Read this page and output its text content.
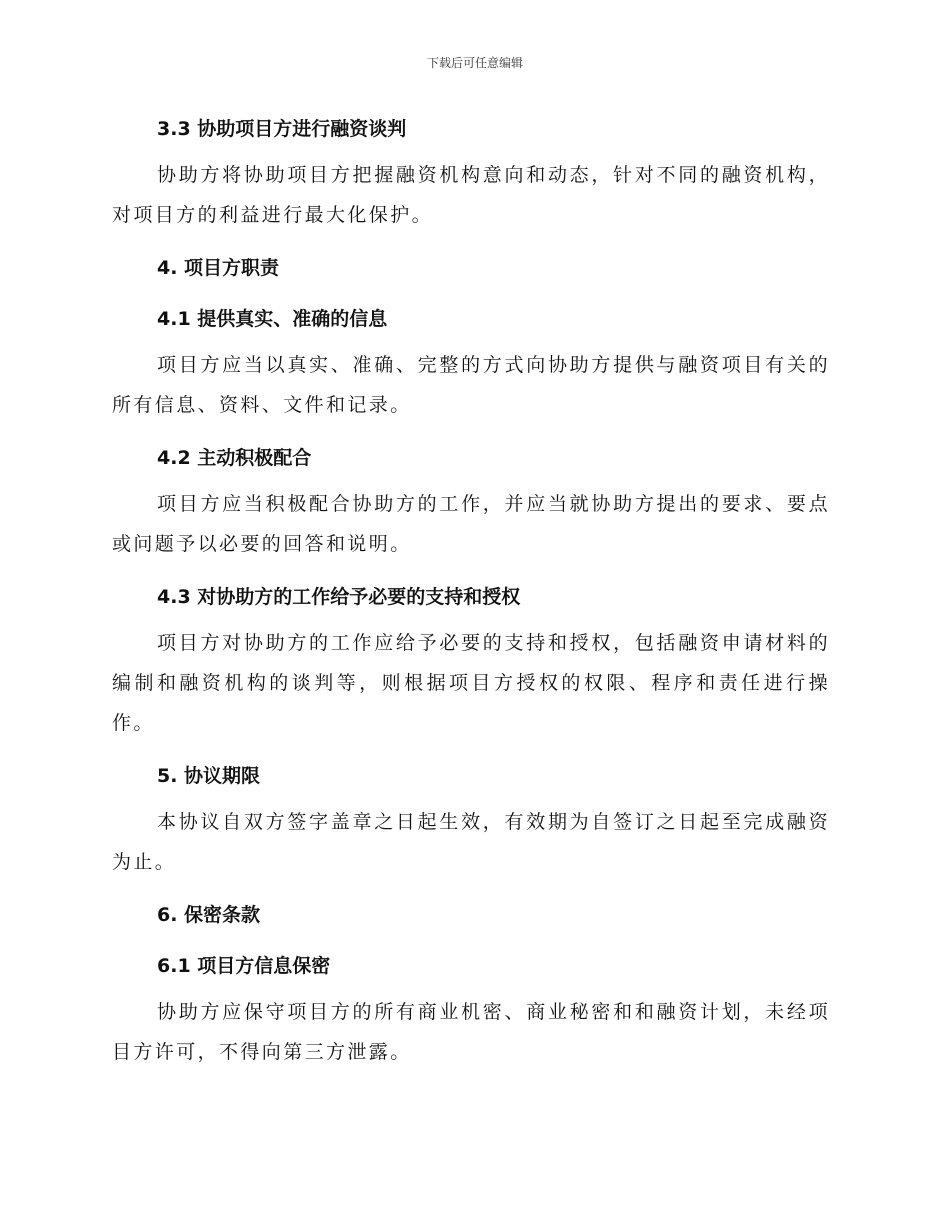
下载后可任意编辑
3.3 协助项目方进行融资谈判

协助方将协助项目方把握融资机构意向和动态，针对不同的融资机构，对项目方的利益进行最大化保护。

4. 项目方职责
4.1 提供真实、准确的信息

项目方应当以真实、准确、完整的方式向协助方提供与融资项目有关的所有信息、资料、文件和记录。

4.2 主动积极配合

项目方应当积极配合协助方的工作，并应当就协助方提出的要求、要点或问题予以必要的回答和说明。

4.3 对协助方的工作给予必要的支持和授权

项目方对协助方的工作应给予必要的支持和授权，包括融资申请材料的编制和融资机构的谈判等，则根据项目方授权的权限、程序和责任进行操作。

5. 协议期限

本协议自双方签字盖章之日起生效，有效期为自签订之日起至完成融资为止。

6. 保密条款
6.1 项目方信息保密

协助方应保守项目方的所有商业机密、商业秘密和和融资计划，未经项目方许可，不得向第三方泄露。
